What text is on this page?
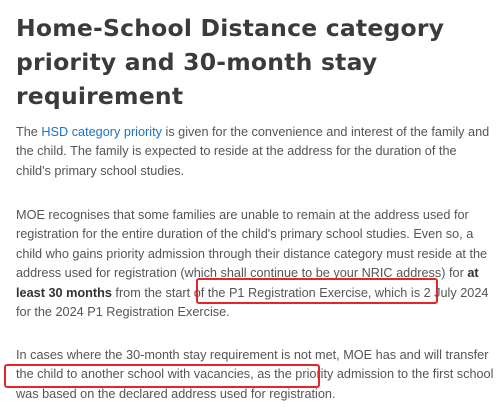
Home-School Distance category priority and 30-month stay requirement

The HSD category priority is given for the convenience and interest of the family and the child. The family is expected to reside at the address for the duration of the child's primary school studies.

MOE recognises that some families are unable to remain at the address used for registration for the entire duration of the child's primary school studies. Even so, a child who gains priority admission through their distance category must reside at the address used for registration (which shall continue to be your NRIC address) for at least 30 months from the start of the P1 Registration Exercise, which is 2 July 2024 for the 2024 P1 Registration Exercise.

In cases where the 30-month stay requirement is not met, MOE has and will transfer the child to another school with vacancies, as the priority admission to the first school was based on the declared address used for registration.
